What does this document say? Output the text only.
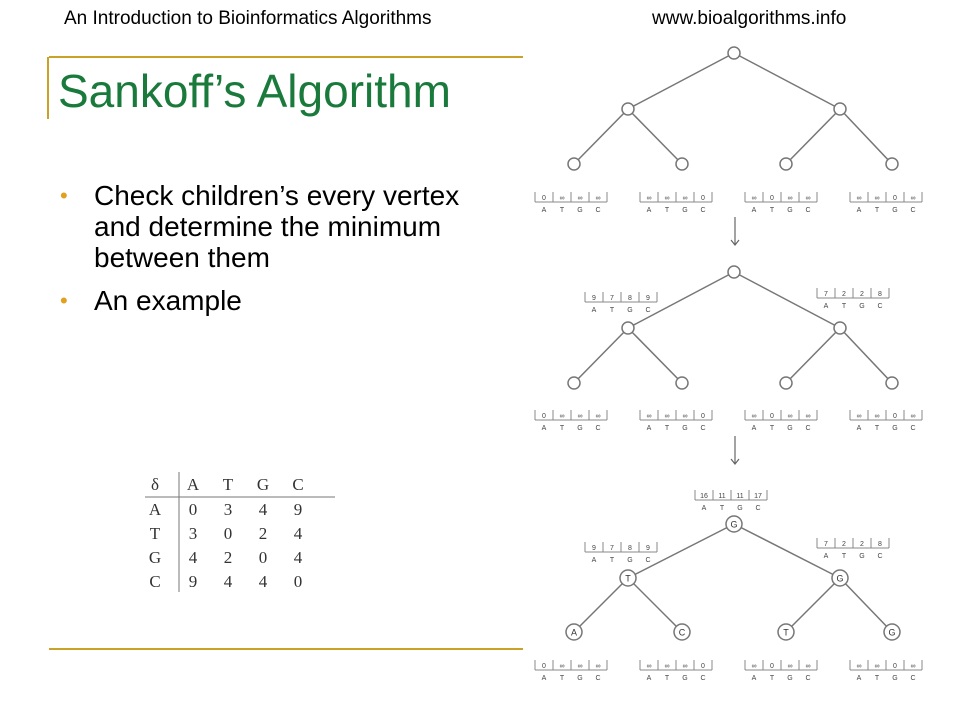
An Introduction to Bioinformatics Algorithms	www.bioalgorithms.info
Sankoff’s Algorithm
• Check children’s every vertex and determine the minimum between them
• An example
δ A T G C
A 0 3 4 9
T 3 0 2 4
G 4 2 0 4
C 9 4 4 0
G
T	G
A	C	T	G
0 ∞ ∞ ∞
A T G C
∞ ∞ ∞ 0
A T G C
∞ 0 ∞ ∞
A T G C
∞ ∞ 0 ∞
A T G C
0 ∞ ∞ ∞
A T G C
∞ ∞ ∞ 0
A T G C
∞ 0 ∞ ∞
A T G C
∞ ∞ 0 ∞
A T G C
9 7 8 9
A T G C
7 2 2 8
A T G C
0 ∞ ∞ ∞
A T G C
∞ ∞ ∞ 0
A T G C
∞ 0 ∞ ∞
A T G C
∞ ∞ 0 ∞
A T G C
9 7 8 9
A T G C
7 2 2 8
A T G C
16 11 11 17
A T G C
